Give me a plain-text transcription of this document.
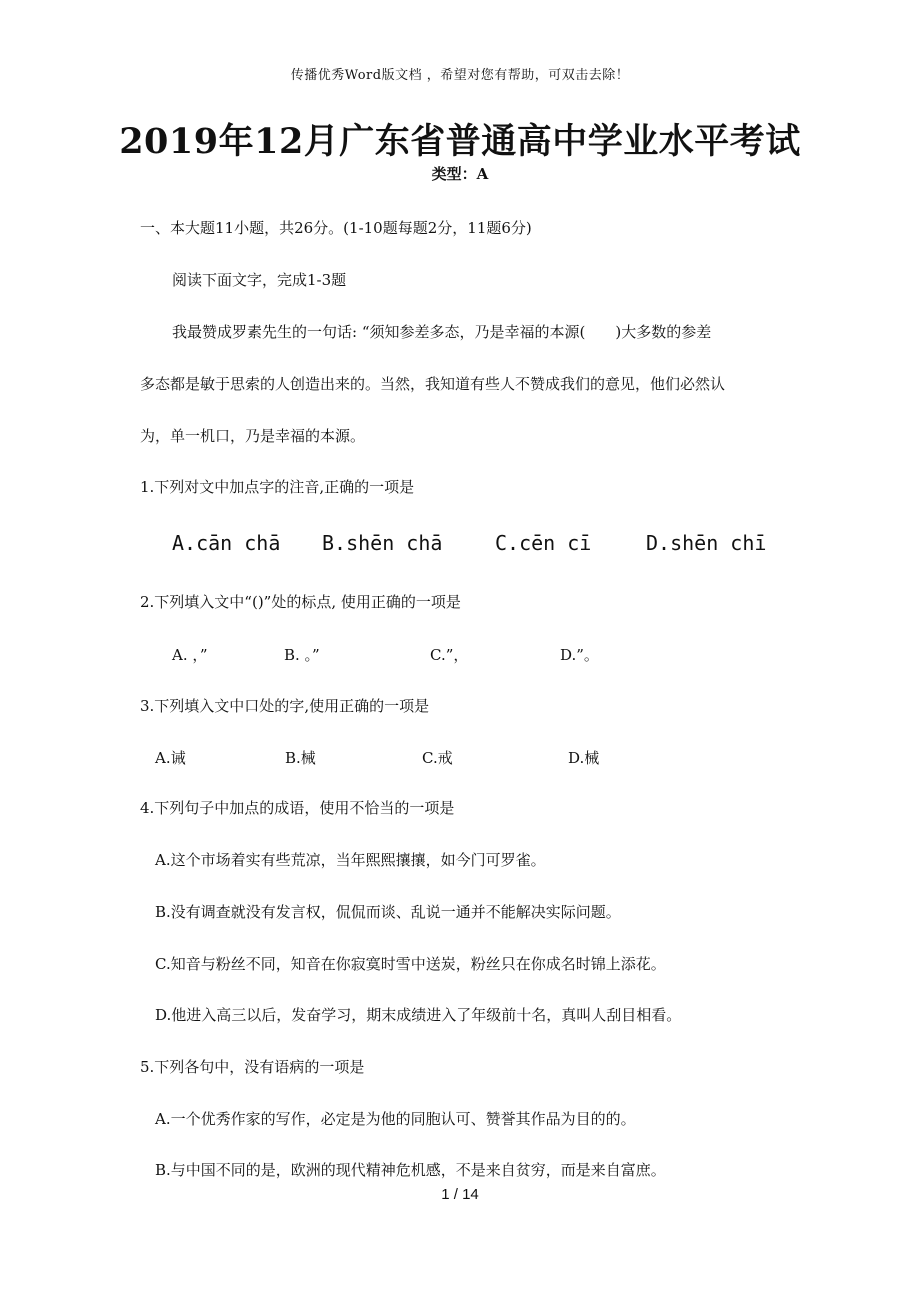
传播优秀Word版文档 ，希望对您有帮助，可双击去除！
2019年12月广东省普通高中学业水平考试
类型：A
一、本大题11小题，共26分。(1-10题每题2分，11题6分)
阅读下面文字，完成1-3题
我最赞成罗素先生的一句话: “须知参差多态，乃是幸福的本源(　　)大多数的参差
多态都是敏于思索的人创造出来的。当然，我知道有些人不赞成我们的意见，他们必然认
为，单一机口，乃是幸福的本源。
1.下列对文中加点字的注音,正确的一项是
A.cān chā B.shēn chā	C.cēn cī	D.shēn chī
2.下列填入文中“()”处的标点, 使用正确的一项是
A. ，”	B. 。”	C.”，	D.”。
3.下列填入文中口处的字,使用正确的一项是
A.诫	B.械	C.戒	D.械
4.下列句子中加点的成语，使用不恰当的一项是
A.这个市场着实有些荒凉，当年熙熙攘攘，如今门可罗雀。
B.没有调查就没有发言权，侃侃而谈、乱说一通并不能解决实际问题。
C.知音与粉丝不同，知音在你寂寞时雪中送炭，粉丝只在你成名时锦上添花。
D.他进入高三以后，发奋学习，期末成绩进入了年级前十名，真叫人刮目相看。
5.下列各句中，没有语病的一项是
A.一个优秀作家的写作，必定是为他的同胞认可、赞誉其作品为目的的。
B.与中国不同的是，欧洲的现代精神危机感，不是来自贫穷，而是来自富庶。
1 / 14
